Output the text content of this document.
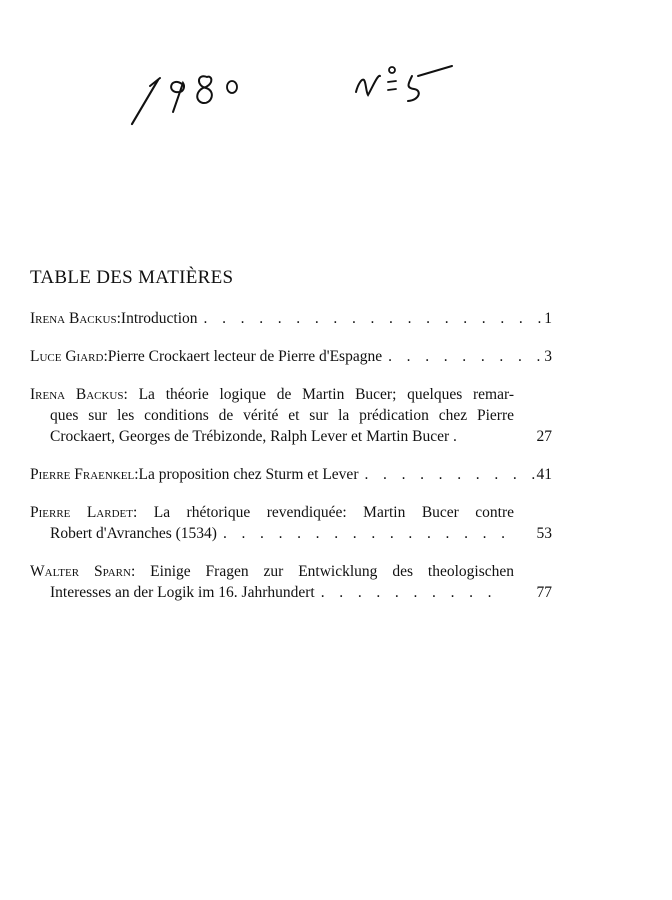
TABLE DES MATIÈRES
Irena Backus : Introduction . . .	1
Luce Giard : Pierre Crockaert lecteur de Pierre d'Espagne . . .	3
Irena Backus: La théorie logique de Martin Bucer; quelques remar-
ques sur les conditions de vérité et sur la prédication chez Pierre
Crockaert, Georges de Trébizonde, Ralph Lever et Martin Bucer .	27
Pierre Fraenkel : La proposition chez Sturm et Lever . . .	41
Pierre Lardet: La rhétorique revendiquée: Martin Bucer contre
Robert d'Avranches (1534) . . .	53
Walter Sparn: Einige Fragen zur Entwicklung des theologischen
Interesses an der Logik im 16. Jahrhundert . . .	77
